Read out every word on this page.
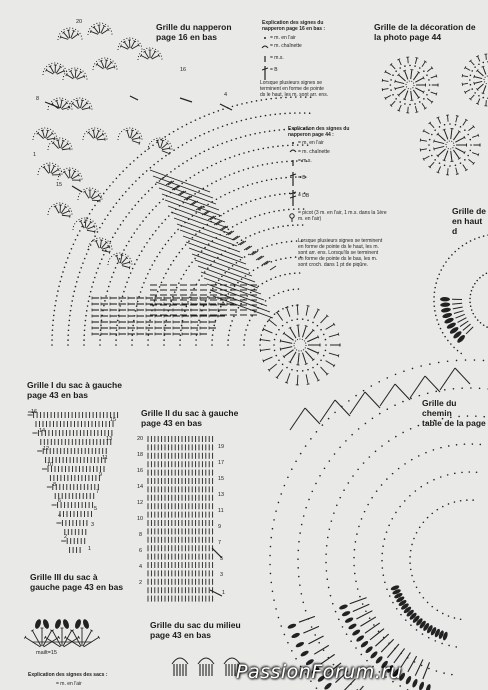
Grille du napperon
page 16 en bas
Grille de la décoration de
la photo page 44
Grille de
en haut d
Grille du chemin
table de la page
Grille I du sac à gauche
page 43 en bas
Grille II du sac à gauche
page 43 en bas
Grille III du sac à
gauche page 43 en bas
Grille du sac du milieu
page 43 en bas
Explication des signes du
napperon page 16 en bas :
= m. en l'air
= m. chaînette
= m.s.
= B
Lorsque plusieurs signes se
terminent en forme de pointe
ds le haut, les m. sont arr. ens.
Explication des signes du
napperon page 44 :
= m. en l'air
= m. chaînette
= m.s.
= B
= DB
= picot (3 m. en l'air, 1 m.s. dans la 1ère
m. en l'air)
Lorsque plusieurs signes se terminent
en forme de pointe ds le haut, les m.
sont arr. ens. Lorsqu'ils se terminent
en forme de pointe ds le bas, les m.
sont croch. dans 1 pt de piqûre.
Explication des signes des sacs :
= m. en l'air
20
16
8
4
15
1
16
14
12
10
8
6
4
2
15
13
11
9
7
5
3
1
20
18
16
14
12
10
8
6
4
2
19
17
15
13
11
9
7
5
3
1
mailt=15
PassionForum.ru
